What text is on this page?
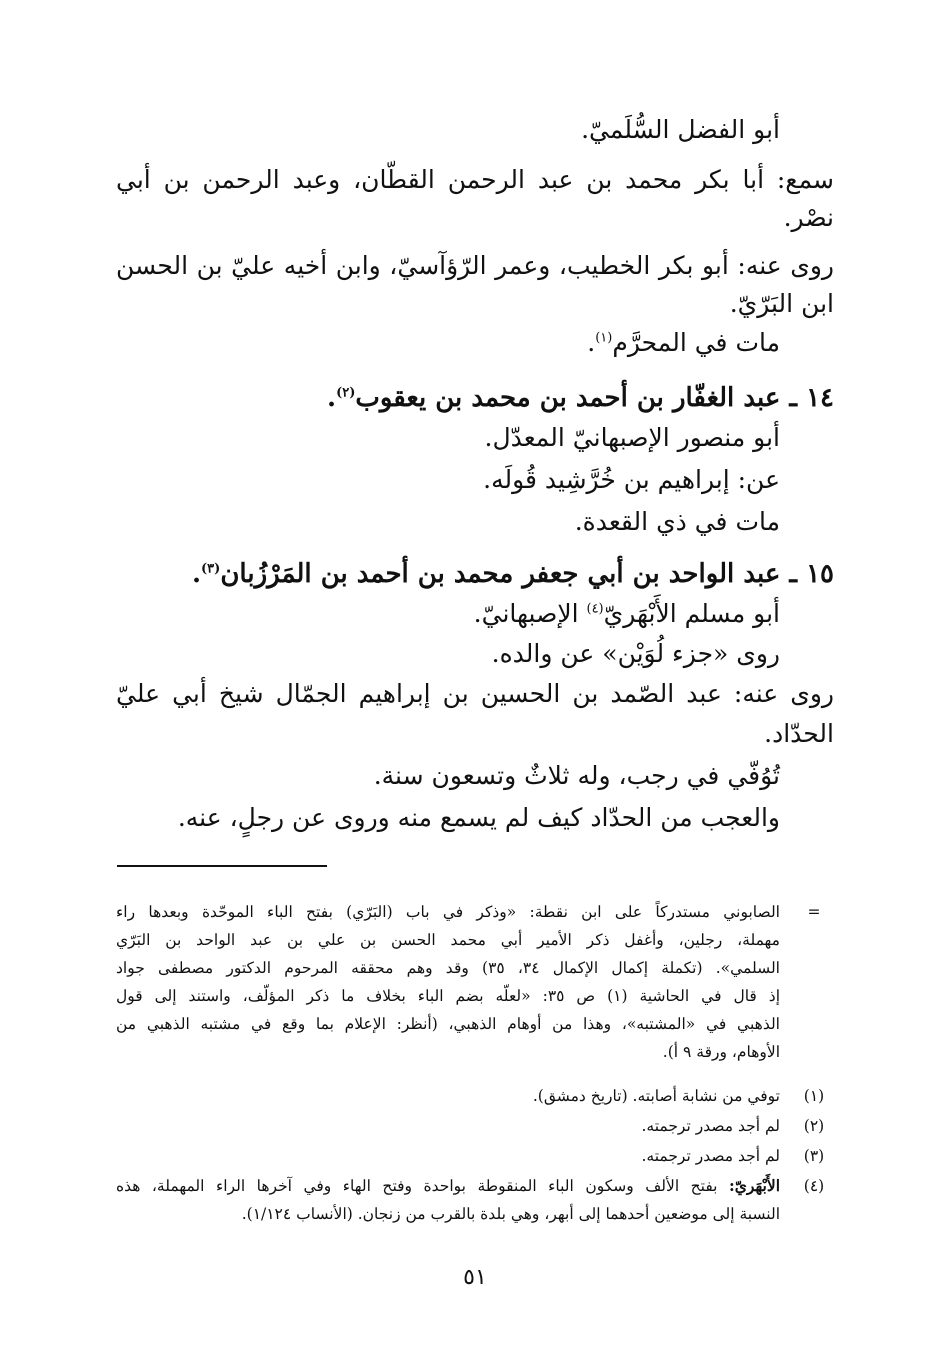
أبو الفضل السُّلَميّ.
سمع: أبا بكر محمد بن عبد الرحمن القطّان، وعبد الرحمن بن أبي
نصْر.
روى عنه: أبو بكر الخطيب، وعمر الرّؤآسيّ، وابن أخيه عليّ بن الحسن
ابن البَرّيّ.
مات في المحرَّم$^{(١)}$.
١٤ ـ عبد الغفّار بن أحمد بن محمد بن يعقوب$^{(٢)}$.
أبو منصور الإصبهانيّ المعدّل.
عن: إبراهيم بن خُرَّشِيد قُولَه.
مات في ذي القعدة.
١٥ ـ عبد الواحد بن أبي جعفر محمد بن أحمد بن المَرْزُبان$^{(٣)}$.
أبو مسلم الأَبْهَريّ$^{(٤)}$ الإصبهانيّ.
روى «جزء لُوَيْن» عن والده.
روى عنه: عبد الصّمد بن الحسين بن إبراهيم الجمّال شيخ أبي عليّ
الحدّاد.
تُوُفّي في رجب، وله ثلاثٌ وتسعون سنة.
والعجب من الحدّاد كيف لم يسمع منه وروى عن رجلٍ، عنه.
=
الصابوني مستدركاً على ابن نقطة: «وذكر في باب (البَرّي) بفتح الباء الموحّدة وبعدها راء
مهملة، رجلين، وأغفل ذكر الأمير أبي محمد الحسن بن علي بن عبد الواحد بن البَرّي
السلمي». (تكملة إكمال الإكمال ٣٤، ٣٥) وقد وهم محققه المرحوم الدكتور مصطفى جواد
إذ قال في الحاشية (١) ص ٣٥: «لعلّه بضم الباء بخلاف ما ذكر المؤلّف، واستند إلى قول
الذهبي في «المشتبه»، وهذا من أوهام الذهبي، (أنظر: الإعلام بما وقع في مشتبه الذهبي من
الأوهام، ورقة ٩ أ).
(١)
توفي من نشابة أصابته. (تاريخ دمشق).
(٢)
لم أجد مصدر ترجمته.
(٣)
لم أجد مصدر ترجمته.
(٤)
الأَبْهَريّ: بفتح الألف وسكون الباء المنقوطة بواحدة وفتح الهاء وفي آخرها الراء المهملة، هذه
النسبة إلى موضعين أحدهما إلى أبهر، وهي بلدة بالقرب من زنجان. (الأنساب ١/١٢٤).
٥١
